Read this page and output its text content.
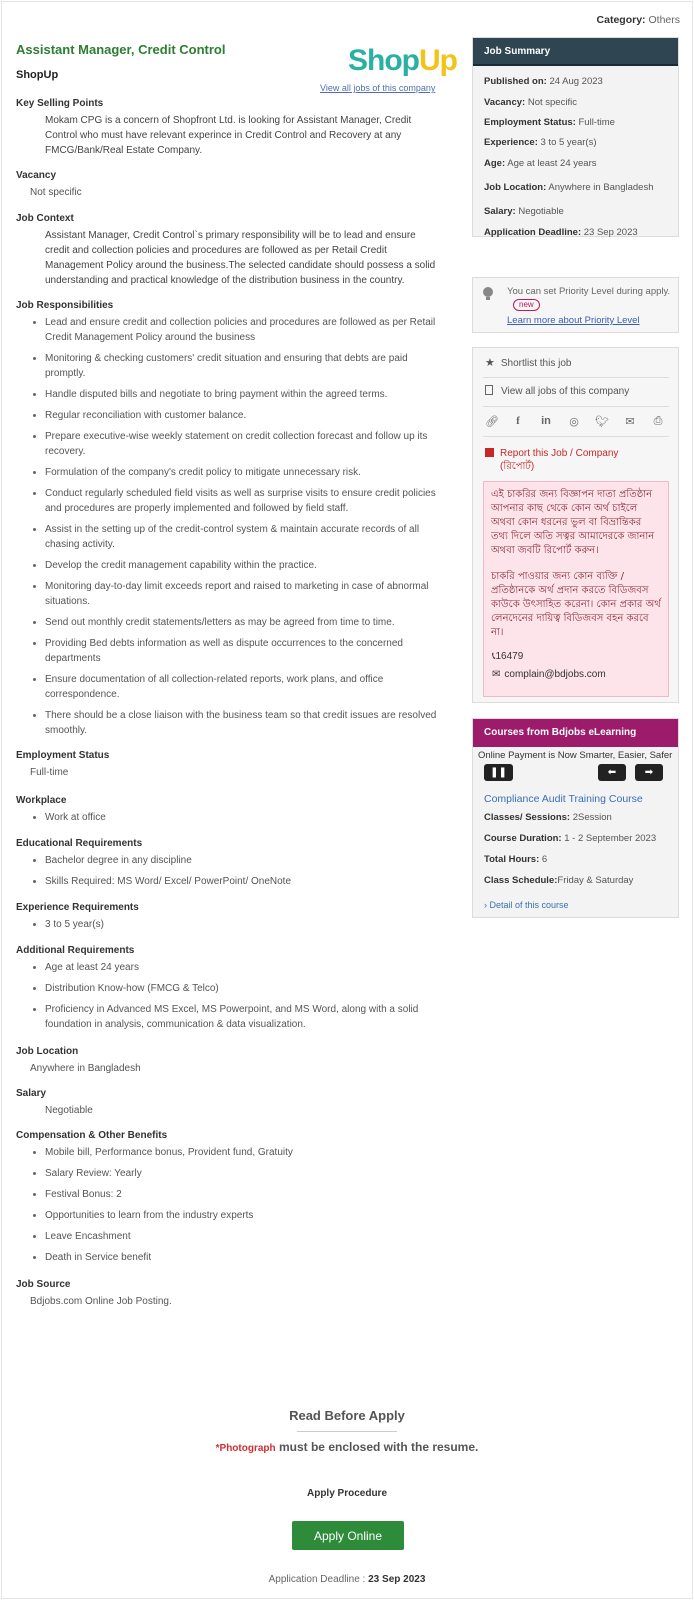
Category: Others
ShopUp
View all jobs of this company
Assistant Manager, Credit Control
ShopUp
Key Selling Points
Mokam CPG is a concern of Shopfront Ltd. is looking for Assistant Manager, Credit Control who must have relevant experince in Credit Control and Recovery at any FMCG/Bank/Real Estate Company.
Vacancy
Not specific
Job Context
Assistant Manager, Credit Control`s primary responsibility will be to lead and ensure credit and collection policies and procedures are followed as per Retail Credit Management Policy around the business.The selected candidate should possess a solid understanding and practical knowledge of the distribution business in the country.
Job Responsibilities
Lead and ensure credit and collection policies and procedures are followed as per Retail Credit Management Policy around the business
Monitoring & checking customers' credit situation and ensuring that debts are paid promptly.
Handle disputed bills and negotiate to bring payment within the agreed terms.
Regular reconciliation with customer balance.
Prepare executive-wise weekly statement on credit collection forecast and follow up its recovery.
Formulation of the company's credit policy to mitigate unnecessary risk.
Conduct regularly scheduled field visits as well as surprise visits to ensure credit policies and procedures are properly implemented and followed by field staff.
Assist in the setting up of the credit-control system & maintain accurate records of all chasing activity.
Develop the credit management capability within the practice.
Monitoring day-to-day limit exceeds report and raised to marketing in case of abnormal situations.
Send out monthly credit statements/letters as may be agreed from time to time.
Providing Bed debts information as well as dispute occurrences to the concerned departments
Ensure documentation of all collection-related reports, work plans, and office correspondence.
There should be a close liaison with the business team so that credit issues are resolved smoothly.
Employment Status
Full-time
Workplace
Work at office
Educational Requirements
Bachelor degree in any discipline
Skills Required: MS Word/ Excel/ PowerPoint/ OneNote
Experience Requirements
3 to 5 year(s)
Additional Requirements
Age at least 24 years
Distribution Know-how (FMCG & Telco)
Proficiency in Advanced MS Excel, MS Powerpoint, and MS Word, along with a solid foundation in analysis, communication & data visualization.
Job Location
Anywhere in Bangladesh
Salary
Negotiable
Compensation & Other Benefits
Mobile bill, Performance bonus, Provident fund, Gratuity
Salary Review: Yearly
Festival Bonus: 2
Opportunities to learn from the industry experts
Leave Encashment
Death in Service benefit
Job Source
Bdjobs.com Online Job Posting.
Read Before Apply
*Photograph must be enclosed with the resume.
Apply Procedure
Apply Online
Application Deadline : 23 Sep 2023
Job Summary
Published on: 24 Aug 2023
Vacancy: Not specific
Employment Status: Full-time
Experience: 3 to 5 year(s)
Age: Age at least 24 years
Job Location: Anywhere in Bangladesh
Salary: Negotiable
Application Deadline: 23 Sep 2023
You can set Priority Level during apply.new
Learn more about Priority Level
★ Shortlist this job
View all jobs of this company
🔗︎	f	in ◎ 🐦︎ ✉ ⎙
Report this Job / Company
(রিপোর্ট)

এই চাকরির জন্য বিজ্ঞাপন দাতা প্রতিষ্ঠান আপনার কাছ থেকে কোন অর্থ চাইলে অথবা কোন ধরনের ভুল বা বিভ্রান্তিকর তথ্য দিলে অতি সত্বর আমাদেরকে জানান অথবা জবটি রিপোর্ট করুন।

চাকরি পাওয়ার জন্য কোন ব্যক্তি / প্রতিষ্ঠানকে অর্থ প্রদান করতে বিডিজবস কাউকে উৎসাহিত করেনা। কোন প্রকার অর্থ লেনদেনের দায়িত্ব বিডিজবস বহন করবে না।

📞︎16479
✉ complain@bdjobs.com
Courses from Bdjobs eLearning
Online Payment is Now Smarter, Easier, Safer
❚❚	⬅	➡
Compliance Audit Training Course
Classes/ Sessions: 2Session
Course Duration: 1 - 2 September 2023
Total Hours: 6
Class Schedule:Friday & Saturday
› Detail of this course
